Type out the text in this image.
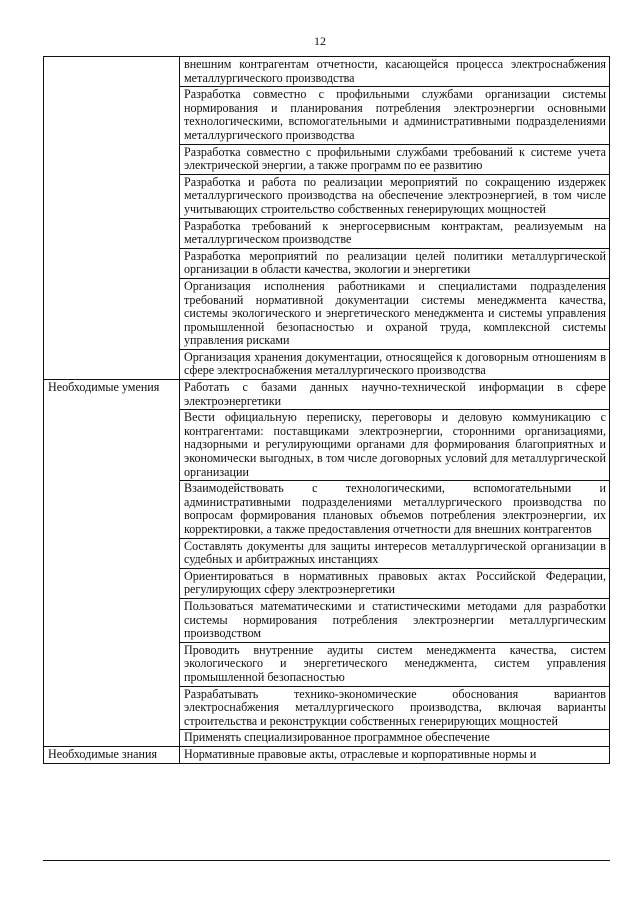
12
	внешним контрагентам отчетности, касающейся процесса электроснабжения металлургического производства
	Разработка совместно с профильными службами организации системы нормирования и планирования потребления электроэнергии основными технологическими, вспомогательными и административными подразделениями металлургического производства
	Разработка совместно с профильными службами требований к системе учета электрической энергии, а также программ по ее развитию
	Разработка и работа по реализации мероприятий по сокращению издержек металлургического производства на обеспечение электроэнергией, в том числе учитывающих строительство собственных генерирующих мощностей
	Разработка требований к энергосервисным контрактам, реализуемым на металлургическом производстве
	Разработка мероприятий по реализации целей политики металлургической организации в области качества, экологии и энергетики
	Организация исполнения работниками и специалистами подразделения требований нормативной документации системы менеджмента качества, системы экологического и энергетического менеджмента и системы управления промышленной безопасностью и охраной труда, комплексной системы управления рисками
	Организация хранения документации, относящейся к договорным отношениям в сфере электроснабжения металлургического производства
Необходимые умения	Работать с базами данных научно-технической информации в сфере электроэнергетики
	Вести официальную переписку, переговоры и деловую коммуникацию с контрагентами: поставщиками электроэнергии, сторонними организациями, надзорными и регулирующими органами для формирования благоприятных и экономически выгодных, в том числе договорных условий для металлургической организации
	Взаимодействовать с технологическими, вспомогательными и административными подразделениями металлургического производства по вопросам формирования плановых объемов потребления электроэнергии, их корректировки, а также предоставления отчетности для внешних контрагентов
	Составлять документы для защиты интересов металлургической организации в судебных и арбитражных инстанциях
	Ориентироваться в нормативных правовых актах Российской Федерации, регулирующих сферу электроэнергетики
	Пользоваться математическими и статистическими методами для разработки системы нормирования потребления электроэнергии металлургическим производством
	Проводить внутренние аудиты систем менеджмента качества, систем экологического и энергетического менеджмента, систем управления промышленной безопасностью
	Разрабатывать технико-экономические обоснования вариантов электроснабжения металлургического производства, включая варианты строительства и реконструкции собственных генерирующих мощностей
	Применять специализированное программное обеспечение
Необходимые знания	Нормативные правовые акты, отраслевые и корпоративные нормы и
